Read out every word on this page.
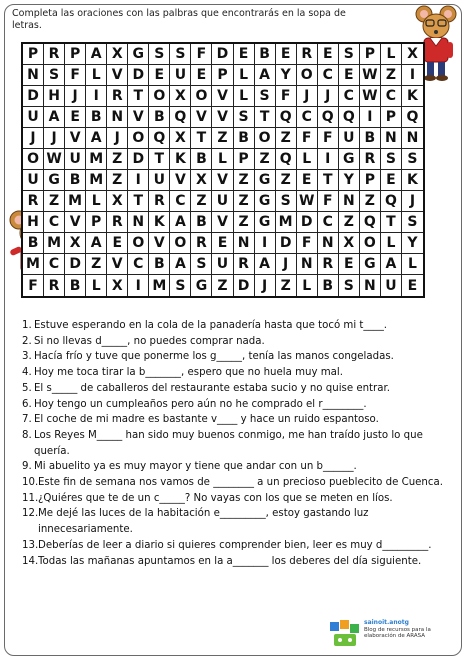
Completa las oraciones con las palbras que encontrarás en la sopa de letras.
P R P A X G S S F D E B E R E S P L X
N S F L V D E U E P L A Y O C E W Z I
D H J	I R T O X O V L S F J	J C W C K
U A E B N V B Q V V S T Q C Q Q I P Q
J	J V A J O Q X T Z B O Z F F U B N N
O W U M Z D T K B L P Z Q L I G R S S
U G B M Z I U V X V Z G Z E T Y P E K
R Z M L X T R C Z U Z G S W F N Z Q J
H C V P R N K A B V Z G M D C Z Q T S
B M X A E O V O R E N I D F N X O L Y
M C D Z V C B A S U R A J N R E G A L
F R B L X I M S G Z D J Z L B S N U E
1. Estuve esperando en la cola de la panadería hasta que tocó mi t____.
2. Si no llevas d_____, no puedes comprar nada.
3. Hacía frío y tuve que ponerme los g_____, tenía las manos congeladas.
4. Hoy me toca tirar la b_______, espero que no huela muy mal.
5. El s_____ de caballeros del restaurante estaba sucio y no quise entrar.
6. Hoy tengo un cumpleaños pero aún no he comprado el r________.
7. El coche de mi madre es bastante v____ y hace un ruido espantoso.
8. Los Reyes M_____ han sido muy buenos conmigo, me han traído justo lo que quería.
9. Mi abuelito ya es muy mayor y tiene que andar con un b______.
10. Este fin de semana nos vamos de ________ a un precioso pueblecito de Cuenca.
11. ¿Quiéres que te de un c_____? No vayas con los que se meten en líos.
12. Me dejé las luces de la habitación e_________, estoy gastando luz innecesariamente.
13. Deberías de leer a diario si quieres comprender bien, leer es muy d_________.
14. Todas las mañanas apuntamos en la a_______ los deberes del día siguiente.
sainoit.anotg
Blog de recursos para la
elaboración de ARASA
